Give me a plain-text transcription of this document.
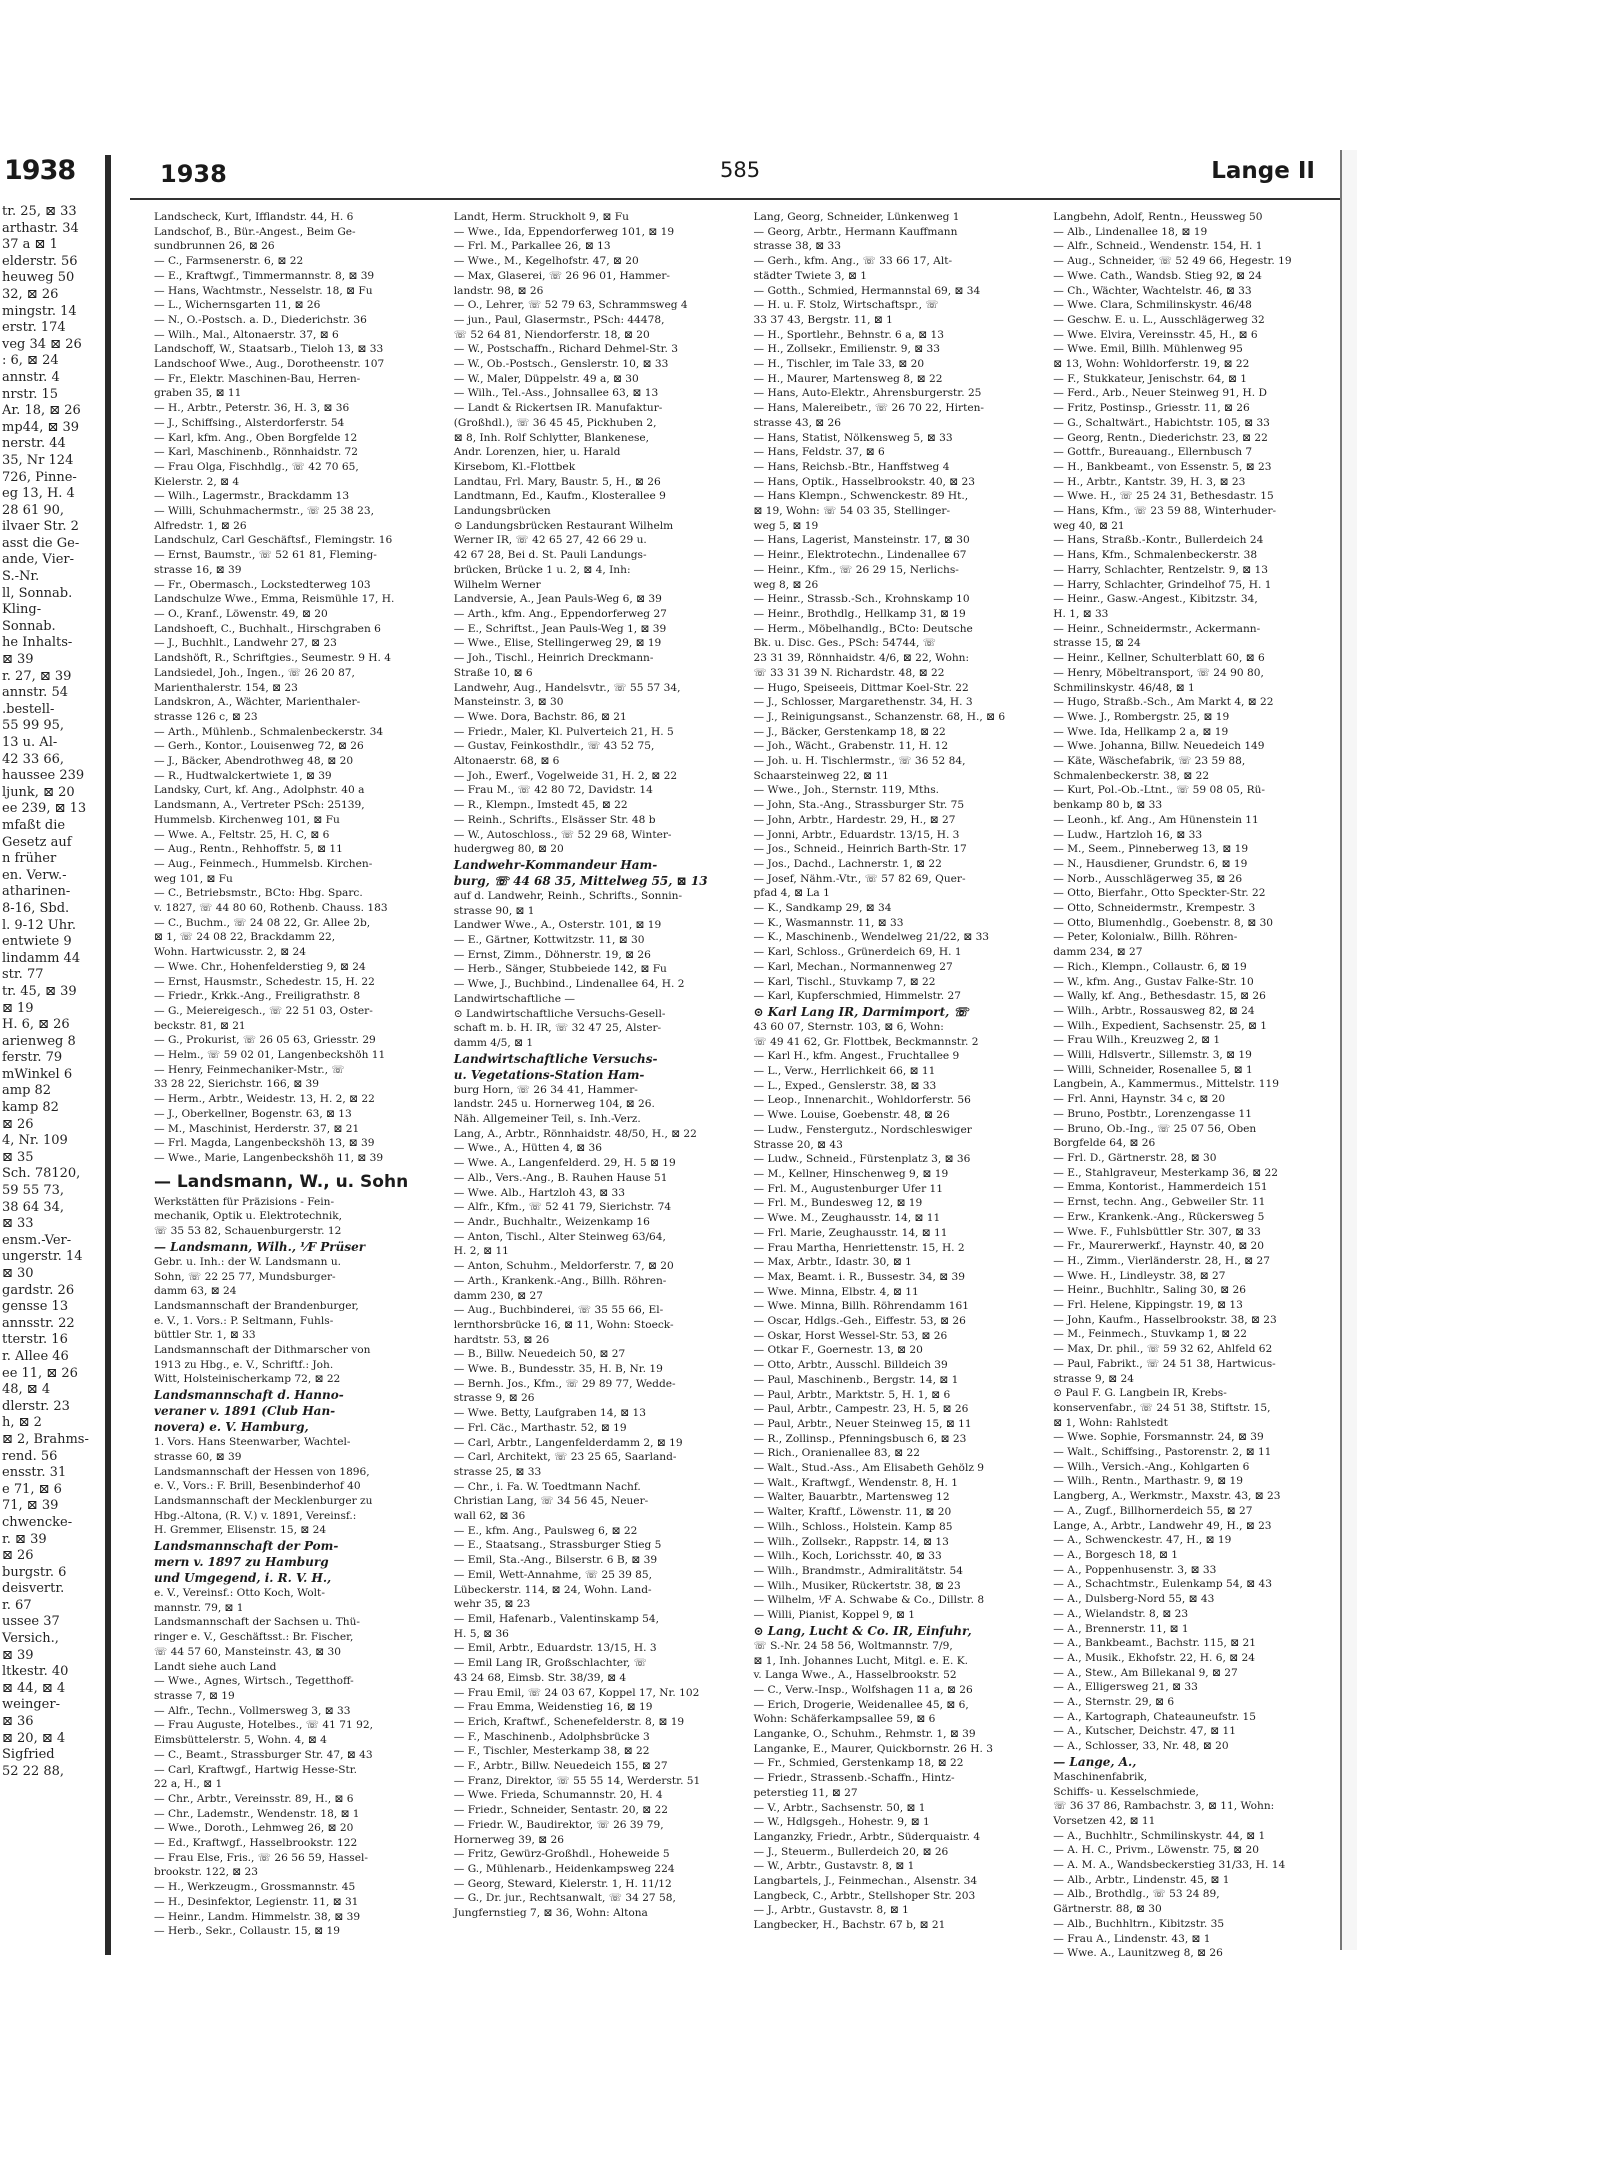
1938
tr. 25, ⊠ 33
arthastr. 34
37 a ⊠ 1
elderstr. 56
heuweg 50
32, ⊠ 26
mingstr. 14
erstr. 174
veg 34 ⊠ 26
: 6, ⊠ 24
annstr. 4
nrstr. 15
Ar. 18, ⊠ 26
mp44, ⊠ 39
nerstr. 44
35, Nr 124
726, Pinne-
eg 13, H. 4
28 61 90,
ilvaer Str. 2
asst die Ge-
ande, Vier-
S.-Nr.
ll, Sonnab.
Kling-
Sonnab.
he Inhalts-
⊠ 39
r. 27, ⊠ 39
annstr. 54
.bestell-
55 99 95,
13 u. Al-
42 33 66,
haussee 239
ljunk, ⊠ 20
ee 239, ⊠ 13
mfaßt die
Gesetz auf
n früher
en. Verw.-
atharinen-
8-16, Sbd.
l. 9-12 Uhr.
entwiete 9
lindamm 44
str. 77
tr. 45, ⊠ 39
⊠ 19
H. 6, ⊠ 26
arienweg 8
ferstr. 79
mWinkel 6
amp 82
kamp 82
⊠ 26
4, Nr. 109
⊠ 35
Sch. 78120,
59 55 73,
38 64 34,
⊠ 33
ensm.-Ver-
ungerstr. 14
⊠ 30
gardstr. 26
gensse 13
annsstr. 22
tterstr. 16
r. Allee 46
ee 11, ⊠ 26
48, ⊠ 4
dlerstr. 23
h, ⊠ 2
⊠ 2, Brahms-
rend. 56
ensstr. 31
e 71, ⊠ 6
71, ⊠ 39
chwencke-
r. ⊠ 39
⊠ 26
burgstr. 6
deisvertr.
r. 67
ussee 37
Versich.,
⊠ 39
ltkestr. 40
⊠ 44, ⊠ 4
weinger-
⊠ 36
⊠ 20, ⊠ 4
Sigfried
52 22 88,
1938	585	Lange II
Landscheck, Kurt, Ifflandstr. 44, H. 6
Landschof, B., Bür.-Angest., Beim Ge-
sundbrunnen 26, ⊠ 26
— C., Farmsenerstr. 6, ⊠ 22
— E., Kraftwgf., Timmermannstr. 8, ⊠ 39
— Hans, Wachtmstr., Nesselstr. 18, ⊠ Fu
— L., Wichernsgarten 11, ⊠ 26
— N., O.-Postsch. a. D., Diederichstr. 36
— Wilh., Mal., Altonaerstr. 37, ⊠ 6
Landschoff, W., Staatsarb., Tieloh 13, ⊠ 33
Landschoof Wwe., Aug., Dorotheenstr. 107
— Fr., Elektr. Maschinen-Bau, Herren-
graben 35, ⊠ 11
— H., Arbtr., Peterstr. 36, H. 3, ⊠ 36
— J., Schiffsing., Alsterdorferstr. 54
— Karl, kfm. Ang., Oben Borgfelde 12
— Karl, Maschinenb., Rönnhaidstr. 72
— Frau Olga, Fischhdlg., ☏ 42 70 65,
Kielerstr. 2, ⊠ 4
— Wilh., Lagermstr., Brackdamm 13
— Willi, Schuhmachermstr., ☏ 25 38 23,
Alfredstr. 1, ⊠ 26
Landschulz, Carl Geschäftsf., Flemingstr. 16
— Ernst, Baumstr., ☏ 52 61 81, Fleming-
strasse 16, ⊠ 39
— Fr., Obermasch., Lockstedterweg 103
Landschulze Wwe., Emma, Reismühle 17, H.
— O., Kranf., Löwenstr. 49, ⊠ 20
Landshoeft, C., Buchhalt., Hirschgraben 6
— J., Buchhlt., Landwehr 27, ⊠ 23
Landshöft, R., Schriftgies., Seumestr. 9 H. 4
Landsiedel, Joh., Ingen., ☏ 26 20 87,
Marienthalerstr. 154, ⊠ 23
Landskron, A., Wächter, Marienthaler-
strasse 126 c, ⊠ 23
— Arth., Mühlenb., Schmalenbeckerstr. 34
— Gerh., Kontor., Louisenweg 72, ⊠ 26
— J., Bäcker, Abendrothweg 48, ⊠ 20
— R., Hudtwalckertwiete 1, ⊠ 39
Landsky, Curt, kf. Ang., Adolphstr. 40 a
Landsmann, A., Vertreter PSch: 25139,
Hummelsb. Kirchenweg 101, ⊠ Fu
— Wwe. A., Feltstr. 25, H. C, ⊠ 6
— Aug., Rentn., Rehhoffstr. 5, ⊠ 11
— Aug., Feinmech., Hummelsb. Kirchen-
weg 101, ⊠ Fu
— C., Betriebsmstr., BCto: Hbg. Sparc.
v. 1827, ☏ 44 80 60, Rothenb. Chauss. 183
— C., Buchm., ☏ 24 08 22, Gr. Allee 2b,
⊠ 1, ☏ 24 08 22, Brackdamm 22,
Wohn. Hartwicusstr. 2, ⊠ 24
— Wwe. Chr., Hohenfelderstieg 9, ⊠ 24
— Ernst, Hausmstr., Schedestr. 15, H. 22
— Friedr., Krkk.-Ang., Freiligrathstr. 8
— G., Meiereigesch., ☏ 22 51 03, Oster-
beckstr. 81, ⊠ 21
— G., Prokurist, ☏ 26 05 63, Griesstr. 29
— Helm., ☏ 59 02 01, Langenbeckshöh 11
— Henry, Feinmechaniker-Mstr., ☏
33 28 22, Sierichstr. 166, ⊠ 39
— Herm., Arbtr., Weidestr. 13, H. 2, ⊠ 22
— J., Oberkellner, Bogenstr. 63, ⊠ 13
— M., Maschinist, Herderstr. 37, ⊠ 21
— Frl. Magda, Langenbeckshöh 13, ⊠ 39
— Wwe., Marie, Langenbeckshöh 11, ⊠ 39
— Landsmann, W., u. Sohn
Werkstätten für Präzisions - Fein-
mechanik, Optik u. Elektrotechnik,
☏ 35 53 82, Schauenburgerstr. 12
— Landsmann, Wilh., ⅟F Prüser
Gebr. u. Inh.: der W. Landsmann u.
Sohn, ☏ 22 25 77, Mundsburger-
damm 63, ⊠ 24
Landsmannschaft der Brandenburger,
e. V., 1. Vors.: P. Seltmann, Fuhls-
büttler Str. 1, ⊠ 33
Landsmannschaft der Dithmarscher von
1913 zu Hbg., e. V., Schriftf.: Joh.
Witt, Holsteinischerkamp 72, ⊠ 22
Landsmannschaft d. Hanno-
veraner v. 1891 (Club Han-
novera) e. V. Hamburg,
1. Vors. Hans Steenwarber, Wachtel-
strasse 60, ⊠ 39
Landsmannschaft der Hessen von 1896,
e. V., Vors.: F. Brill, Besenbinderhof 40
Landsmannschaft der Mecklenburger zu
Hbg.-Altona, (R. V.) v. 1891, Vereinsf.:
H. Gremmer, Elisenstr. 15, ⊠ 24
Landsmannschaft der Pom-
mern v. 1897 zu Hamburg
und Umgegend, i. R. V. H.,
e. V., Vereinsf.: Otto Koch, Wolt-
mannstr. 79, ⊠ 1
Landsmannschaft der Sachsen u. Thü-
ringer e. V., Geschäftsst.: Br. Fischer,
☏ 44 57 60, Mansteinstr. 43, ⊠ 30
Landt siehe auch Land
— Wwe., Agnes, Wirtsch., Tegetthoff-
strasse 7, ⊠ 19
— Alfr., Techn., Vollmersweg 3, ⊠ 33
— Frau Auguste, Hotelbes., ☏ 41 71 92,
Eimsbüttelerstr. 5, Wohn. 4, ⊠ 4
— C., Beamt., Strassburger Str. 47, ⊠ 43
— Carl, Kraftwgf., Hartwig Hesse-Str.
22 a, H., ⊠ 1
— Chr., Arbtr., Vereinsstr. 89, H., ⊠ 6
— Chr., Lademstr., Wendenstr. 18, ⊠ 1
— Wwe., Doroth., Lehmweg 26, ⊠ 20
— Ed., Kraftwgf., Hasselbrookstr. 122
— Frau Else, Fris., ☏ 26 56 59, Hassel-
brookstr. 122, ⊠ 23
— H., Werkzeugm., Grossmannstr. 45
— H., Desinfektor, Legienstr. 11, ⊠ 31
— Heinr., Landm. Himmelstr. 38, ⊠ 39
— Herb., Sekr., Collaustr. 15, ⊠ 19
Landt, Herm. Struckholt 9, ⊠ Fu
— Wwe., Ida, Eppendorferweg 101, ⊠ 19
— Frl. M., Parkallee 26, ⊠ 13
— Wwe., M., Kegelhofstr. 47, ⊠ 20
— Max, Glaserei, ☏ 26 96 01, Hammer-
landstr. 98, ⊠ 26
— O., Lehrer, ☏ 52 79 63, Schrammsweg 4
— jun., Paul, Glasermstr., PSch: 44478,
☏ 52 64 81, Niendorferstr. 18, ⊠ 20
— W., Postschaffn., Richard Dehmel-Str. 3
— W., Ob.-Postsch., Genslerstr. 10, ⊠ 33
— W., Maler, Düppelstr. 49 a, ⊠ 30
— Wilh., Tel.-Ass., Johnsallee 63, ⊠ 13
— Landt & Rickertsen IR. Manufaktur-
(Großhdl.), ☏ 36 45 45, Pickhuben 2,
⊠ 8, Inh. Rolf Schlytter, Blankenese,
Andr. Lorenzen, hier, u. Harald
Kirsebom, Kl.-Flottbek
Landtau, Frl. Mary, Baustr. 5, H., ⊠ 26
Landtmann, Ed., Kaufm., Klosterallee 9
Landungsbrücken
⊙ Landungsbrücken Restaurant Wilhelm
Werner IR, ☏ 42 65 27, 42 66 29 u.
42 67 28, Bei d. St. Pauli Landungs-
brücken, Brücke 1 u. 2, ⊠ 4, Inh:
Wilhelm Werner
Landversie, A., Jean Pauls-Weg 6, ⊠ 39
— Arth., kfm. Ang., Eppendorferweg 27
— E., Schriftst., Jean Pauls-Weg 1, ⊠ 39
— Wwe., Elise, Stellingerweg 29, ⊠ 19
— Joh., Tischl., Heinrich Dreckmann-
Straße 10, ⊠ 6
Landwehr, Aug., Handelsvtr., ☏ 55 57 34,
Mansteinstr. 3, ⊠ 30
— Wwe. Dora, Bachstr. 86, ⊠ 21
— Friedr., Maler, Kl. Pulverteich 21, H. 5
— Gustav, Feinkosthdlr., ☏ 43 52 75,
Altonaerstr. 68, ⊠ 6
— Joh., Ewerf., Vogelweide 31, H. 2, ⊠ 22
— Frau M., ☏ 42 80 72, Davidstr. 14
— R., Klempn., Imstedt 45, ⊠ 22
— Reinh., Schrifts., Elsässer Str. 48 b
— W., Autoschloss., ☏ 52 29 68, Winter-
hudergweg 80, ⊠ 20
Landwehr-Kommandeur Ham-
burg, ☏ 44 68 35, Mittelweg 55, ⊠ 13
auf d. Landwehr, Reinh., Schrifts., Sonnin-
strasse 90, ⊠ 1
Landwer Wwe., A., Osterstr. 101, ⊠ 19
— E., Gärtner, Kottwitzstr. 11, ⊠ 30
— Ernst, Zimm., Döhnerstr. 19, ⊠ 26
— Herb., Sänger, Stubbeiede 142, ⊠ Fu
— Wwe, J., Buchbind., Lindenallee 64, H. 2
Landwirtschaftliche —
⊙ Landwirtschaftliche Versuchs-Gesell-
schaft m. b. H. IR, ☏ 32 47 25, Alster-
damm 4/5, ⊠ 1
Landwirtschaftliche Versuchs-
u. Vegetations-Station Ham-
burg Horn, ☏ 26 34 41, Hammer-
landstr. 245 u. Hornerweg 104, ⊠ 26.
Näh. Allgemeiner Teil, s. Inh.-Verz.
Lang, A., Arbtr., Rönnhaidstr. 48/50, H., ⊠ 22
— Wwe., A., Hütten 4, ⊠ 36
— Wwe. A., Langenfelderd. 29, H. 5 ⊠ 19
— Alb., Vers.-Ang., B. Rauhen Hause 51
— Wwe. Alb., Hartzloh 43, ⊠ 33
— Alfr., Kfm., ☏ 52 41 79, Sierichstr. 74
— Andr., Buchhaltr., Weizenkamp 16
— Anton, Tischl., Alter Steinweg 63/64,
H. 2, ⊠ 11
— Anton, Schuhm., Meldorferstr. 7, ⊠ 20
— Arth., Krankenk.-Ang., Billh. Röhren-
damm 230, ⊠ 27
— Aug., Buchbinderei, ☏ 35 55 66, El-
lernthorsbrücke 16, ⊠ 11, Wohn: Stoeck-
hardtstr. 53, ⊠ 26
— B., Billw. Neuedeich 50, ⊠ 27
— Wwe. B., Bundesstr. 35, H. B, Nr. 19
— Bernh. Jos., Kfm., ☏ 29 89 77, Wedde-
strasse 9, ⊠ 26
— Wwe. Betty, Laufgraben 14, ⊠ 13
— Frl. Cäc., Marthastr. 52, ⊠ 19
— Carl, Arbtr., Langenfelderdamm 2, ⊠ 19
— Carl, Architekt, ☏ 23 25 65, Saarland-
strasse 25, ⊠ 33
— Chr., i. Fa. W. Toedtmann Nachf.
Christian Lang, ☏ 34 56 45, Neuer-
wall 62, ⊠ 36
— E., kfm. Ang., Paulsweg 6, ⊠ 22
— E., Staatsang., Strassburger Stieg 5
— Emil, Sta.-Ang., Bilserstr. 6 B, ⊠ 39
— Emil, Wett-Annahme, ☏ 25 39 85,
Lübeckerstr. 114, ⊠ 24, Wohn. Land-
wehr 35, ⊠ 23
— Emil, Hafenarb., Valentinskamp 54,
H. 5, ⊠ 36
— Emil, Arbtr., Eduardstr. 13/15, H. 3
— Emil Lang IR, Großschlachter, ☏
43 24 68, Eimsb. Str. 38/39, ⊠ 4
— Frau Emil, ☏ 24 03 67, Koppel 17, Nr. 102
— Frau Emma, Weidenstieg 16, ⊠ 19
— Erich, Kraftwf., Schenefelderstr. 8, ⊠ 19
— F., Maschinenb., Adolphsbrücke 3
— F., Tischler, Mesterkamp 38, ⊠ 22
— F., Arbtr., Billw. Neuedeich 155, ⊠ 27
— Franz, Direktor, ☏ 55 55 14, Werderstr. 51
— Wwe. Frieda, Schumannstr. 20, H. 4
— Friedr., Schneider, Sentastr. 20, ⊠ 22
— Friedr. W., Baudirektor, ☏ 26 39 79,
Hornerweg 39, ⊠ 26
— Fritz, Gewürz-Großhdl., Hoheweide 5
— G., Mühlenarb., Heidenkampsweg 224
— Georg, Steward, Kielerstr. 1, H. 11/12
— G., Dr. jur., Rechtsanwalt, ☏ 34 27 58,
Jungfernstieg 7, ⊠ 36, Wohn: Altona
Lang, Georg, Schneider, Lünkenweg 1
— Georg, Arbtr., Hermann Kauffmann
strasse 38, ⊠ 33
— Gerh., kfm. Ang., ☏ 33 66 17, Alt-
städter Twiete 3, ⊠ 1
— Gotth., Schmied, Hermannstal 69, ⊠ 34
— H. u. F. Stolz, Wirtschaftspr., ☏
33 37 43, Bergstr. 11, ⊠ 1
— H., Sportlehr., Behnstr. 6 a, ⊠ 13
— H., Zollsekr., Emilienstr. 9, ⊠ 33
— H., Tischler, im Tale 33, ⊠ 20
— H., Maurer, Martensweg 8, ⊠ 22
— Hans, Auto-Elektr., Ahrensburgerstr. 25
— Hans, Malereibetr., ☏ 26 70 22, Hirten-
strasse 43, ⊠ 26
— Hans, Statist, Nölkensweg 5, ⊠ 33
— Hans, Feldstr. 37, ⊠ 6
— Hans, Reichsb.-Btr., Hanffstweg 4
— Hans, Optik., Hasselbrookstr. 40, ⊠ 23
— Hans Klempn., Schwenckestr. 89 Ht.,
⊠ 19, Wohn: ☏ 54 03 35, Stellinger-
weg 5, ⊠ 19
— Hans, Lagerist, Mansteinstr. 17, ⊠ 30
— Heinr., Elektrotechn., Lindenallee 67
— Heinr., Kfm., ☏ 26 29 15, Nerlichs-
weg 8, ⊠ 26
— Heinr., Strassb.-Sch., Krohnskamp 10
— Heinr., Brothdlg., Hellkamp 31, ⊠ 19
— Herm., Möbelhandlg., BCto: Deutsche
Bk. u. Disc. Ges., PSch: 54744, ☏
23 31 39, Rönnhaidstr. 4/6, ⊠ 22, Wohn:
☏ 33 31 39 N. Richardstr. 48, ⊠ 22
— Hugo, Speiseeis, Dittmar Koel-Str. 22
— J., Schlosser, Margarethenstr. 34, H. 3
— J., Reinigungsanst., Schanzenstr. 68, H., ⊠ 6
— J., Bäcker, Gerstenkamp 18, ⊠ 22
— Joh., Wächt., Grabenstr. 11, H. 12
— Joh. u. H. Tischlermstr., ☏ 36 52 84,
Schaarsteinweg 22, ⊠ 11
— Wwe., Joh., Sternstr. 119, Mths.
— John, Sta.-Ang., Strassburger Str. 75
— John, Arbtr., Hardestr. 29, H., ⊠ 27
— Jonni, Arbtr., Eduardstr. 13/15, H. 3
— Jos., Schneid., Heinrich Barth-Str. 17
— Jos., Dachd., Lachnerstr. 1, ⊠ 22
— Josef, Nähm.-Vtr., ☏ 57 82 69, Quer-
pfad 4, ⊠ La 1
— K., Sandkamp 29, ⊠ 34
— K., Wasmannstr. 11, ⊠ 33
— K., Maschinenb., Wendelweg 21/22, ⊠ 33
— Karl, Schloss., Grünerdeich 69, H. 1
— Karl, Mechan., Normannenweg 27
— Karl, Tischl., Stuvkamp 7, ⊠ 22
— Karl, Kupferschmied, Himmelstr. 27
⊙ Karl Lang IR, Darmimport, ☏
43 60 07, Sternstr. 103, ⊠ 6, Wohn:
☏ 49 41 62, Gr. Flottbek, Beckmannstr. 2
— Karl H., kfm. Angest., Fruchtallee 9
— L., Verw., Herrlichkeit 66, ⊠ 11
— L., Exped., Genslerstr. 38, ⊠ 33
— Leop., Innenarchit., Wohldorferstr. 56
— Wwe. Louise, Goebenstr. 48, ⊠ 26
— Ludw., Fenstergutz., Nordschleswiger
Strasse 20, ⊠ 43
— Ludw., Schneid., Fürstenplatz 3, ⊠ 36
— M., Kellner, Hinschenweg 9, ⊠ 19
— Frl. M., Augustenburger Ufer 11
— Frl. M., Bundesweg 12, ⊠ 19
— Wwe. M., Zeughausstr. 14, ⊠ 11
— Frl. Marie, Zeughausstr. 14, ⊠ 11
— Frau Martha, Henriettenstr. 15, H. 2
— Max, Arbtr., Idastr. 30, ⊠ 1
— Max, Beamt. i. R., Bussestr. 34, ⊠ 39
— Wwe. Minna, Elbstr. 4, ⊠ 11
— Wwe. Minna, Billh. Röhrendamm 161
— Oscar, Hdlgs.-Geh., Eiffestr. 53, ⊠ 26
— Oskar, Horst Wessel-Str. 53, ⊠ 26
— Otkar F., Goernestr. 13, ⊠ 20
— Otto, Arbtr., Ausschl. Billdeich 39
— Paul, Maschinenb., Bergstr. 14, ⊠ 1
— Paul, Arbtr., Marktstr. 5, H. 1, ⊠ 6
— Paul, Arbtr., Campestr. 23, H. 5, ⊠ 26
— Paul, Arbtr., Neuer Steinweg 15, ⊠ 11
— R., Zollinsp., Pfenningsbusch 6, ⊠ 23
— Rich., Oranienallee 83, ⊠ 22
— Walt., Stud.-Ass., Am Elisabeth Gehölz 9
— Walt., Kraftwgf., Wendenstr. 8, H. 1
— Walter, Bauarbtr., Martensweg 12
— Walter, Kraftf., Löwenstr. 11, ⊠ 20
— Wilh., Schloss., Holstein. Kamp 85
— Wilh., Zollsekr., Rappstr. 14, ⊠ 13
— Wilh., Koch, Lorichsstr. 40, ⊠ 33
— Wilh., Brandmstr., Admiralitätstr. 54
— Wilh., Musiker, Rückertstr. 38, ⊠ 23
— Wilhelm, ⅟F A. Schwabe & Co., Dillstr. 8
— Willi, Pianist, Koppel 9, ⊠ 1
⊙ Lang, Lucht & Co. IR, Einfuhr,
☏ S.-Nr. 24 58 56, Woltmannstr. 7/9,
⊠ 1, Inh. Johannes Lucht, Mitgl. e. E. K.
v. Langa Wwe., A., Hasselbrookstr. 52
— C., Verw.-Insp., Wolfshagen 11 a, ⊠ 26
— Erich, Drogerie, Weidenallee 45, ⊠ 6,
Wohn: Schäferkampsallee 59, ⊠ 6
Langanke, O., Schuhm., Rehmstr. 1, ⊠ 39
Langanke, E., Maurer, Quickbornstr. 26 H. 3
— Fr., Schmied, Gerstenkamp 18, ⊠ 22
— Friedr., Strassenb.-Schaffn., Hintz-
peterstieg 11, ⊠ 27
— V., Arbtr., Sachsenstr. 50, ⊠ 1
— W., Hdlgsgeh., Hohestr. 9, ⊠ 1
Langanzky, Friedr., Arbtr., Süderquaistr. 4
— J., Steuerm., Bullerdeich 20, ⊠ 26
— W., Arbtr., Gustavstr. 8, ⊠ 1
Langbartels, J., Feinmechan., Alsenstr. 34
Langbeck, C., Arbtr., Stellshoper Str. 203
— J., Arbtr., Gustavstr. 8, ⊠ 1
Langbecker, H., Bachstr. 67 b, ⊠ 21
Langbehn, Adolf, Rentn., Heussweg 50
— Alb., Lindenallee 18, ⊠ 19
— Alfr., Schneid., Wendenstr. 154, H. 1
— Aug., Schneider, ☏ 52 49 66, Hegestr. 19
— Wwe. Cath., Wandsb. Stieg 92, ⊠ 24
— Ch., Wächter, Wachtelstr. 46, ⊠ 33
— Wwe. Clara, Schmilinskystr. 46/48
— Geschw. E. u. L., Ausschlägerweg 32
— Wwe. Elvira, Vereinsstr. 45, H., ⊠ 6
— Wwe. Emil, Billh. Mühlenweg 95
⊠ 13, Wohn: Wohldorferstr. 19, ⊠ 22
— F., Stukkateur, Jenischstr. 64, ⊠ 1
— Ferd., Arb., Neuer Steinweg 91, H. D
— Fritz, Postinsp., Griesstr. 11, ⊠ 26
— G., Schaltwärt., Habichtstr. 105, ⊠ 33
— Georg, Rentn., Diederichstr. 23, ⊠ 22
— Gottfr., Bureauang., Ellernbusch 7
— H., Bankbeamt., von Essenstr. 5, ⊠ 23
— H., Arbtr., Kantstr. 39, H. 3, ⊠ 23
— Wwe. H., ☏ 25 24 31, Bethesdastr. 15
— Hans, Kfm., ☏ 23 59 88, Winterhuder-
weg 40, ⊠ 21
— Hans, Straßb.-Kontr., Bullerdeich 24
— Hans, Kfm., Schmalenbeckerstr. 38
— Harry, Schlachter, Rentzelstr. 9, ⊠ 13
— Harry, Schlachter, Grindelhof 75, H. 1
— Heinr., Gasw.-Angest., Kibitzstr. 34,
H. 1, ⊠ 33
— Heinr., Schneidermstr., Ackermann-
strasse 15, ⊠ 24
— Heinr., Kellner, Schulterblatt 60, ⊠ 6
— Henry, Möbeltransport, ☏ 24 90 80,
Schmilinskystr. 46/48, ⊠ 1
— Hugo, Straßb.-Sch., Am Markt 4, ⊠ 22
— Wwe. J., Rombergstr. 25, ⊠ 19
— Wwe. Ida, Hellkamp 2 a, ⊠ 19
— Wwe. Johanna, Billw. Neuedeich 149
— Käte, Wäschefabrik, ☏ 23 59 88,
Schmalenbeckerstr. 38, ⊠ 22
— Kurt, Pol.-Ob.-Ltnt., ☏ 59 08 05, Rü-
benkamp 80 b, ⊠ 33
— Leonh., kf. Ang., Am Hünenstein 11
— Ludw., Hartzloh 16, ⊠ 33
— M., Seem., Pinneberweg 13, ⊠ 19
— N., Hausdiener, Grundstr. 6, ⊠ 19
— Norb., Ausschlägerweg 35, ⊠ 26
— Otto, Bierfahr., Otto Speckter-Str. 22
— Otto, Schneidermstr., Krempestr. 3
— Otto, Blumenhdlg., Goebenstr. 8, ⊠ 30
— Peter, Kolonialw., Billh. Röhren-
damm 234, ⊠ 27
— Rich., Klempn., Collaustr. 6, ⊠ 19
— W., kfm. Ang., Gustav Falke-Str. 10
— Wally, kf. Ang., Bethesdastr. 15, ⊠ 26
— Wilh., Arbtr., Rossausweg 82, ⊠ 24
— Wilh., Expedient, Sachsenstr. 25, ⊠ 1
— Frau Wilh., Kreuzweg 2, ⊠ 1
— Willi, Hdlsvertr., Sillemstr. 3, ⊠ 19
— Willi, Schneider, Rosenallee 5, ⊠ 1
Langbein, A., Kammermus., Mittelstr. 119
— Frl. Anni, Haynstr. 34 c, ⊠ 20
— Bruno, Postbtr., Lorenzengasse 11
— Bruno, Ob.-Ing., ☏ 25 07 56, Oben
Borgfelde 64, ⊠ 26
— Frl. D., Gärtnerstr. 28, ⊠ 30
— E., Stahlgraveur, Mesterkamp 36, ⊠ 22
— Emma, Kontorist., Hammerdeich 151
— Ernst, techn. Ang., Gebweiler Str. 11
— Erw., Krankenk.-Ang., Rückersweg 5
— Wwe. F., Fuhlsbüttler Str. 307, ⊠ 33
— Fr., Maurerwerkf., Haynstr. 40, ⊠ 20
— H., Zimm., Vierländerstr. 28, H., ⊠ 27
— Wwe. H., Lindleystr. 38, ⊠ 27
— Heinr., Buchhltr., Saling 30, ⊠ 26
— Frl. Helene, Kippingstr. 19, ⊠ 13
— John, Kaufm., Hasselbrookstr. 38, ⊠ 23
— M., Feinmech., Stuvkamp 1, ⊠ 22
— Max, Dr. phil., ☏ 59 32 62, Ahlfeld 62
— Paul, Fabrikt., ☏ 24 51 38, Hartwicus-
strasse 9, ⊠ 24
⊙ Paul F. G. Langbein IR, Krebs-
konservenfabr., ☏ 24 51 38, Stiftstr. 15,
⊠ 1, Wohn: Rahlstedt
— Wwe. Sophie, Forsmannstr. 24, ⊠ 39
— Walt., Schiffsing., Pastorenstr. 2, ⊠ 11
— Wilh., Versich.-Ang., Kohlgarten 6
— Wilh., Rentn., Marthastr. 9, ⊠ 19
Langberg, A., Werkmstr., Maxstr. 43, ⊠ 23
— A., Zugf., Billhornerdeich 55, ⊠ 27
Lange, A., Arbtr., Landwehr 49, H., ⊠ 23
— A., Schwenckestr. 47, H., ⊠ 19
— A., Borgesch 18, ⊠ 1
— A., Poppenhusenstr. 3, ⊠ 33
— A., Schachtmstr., Eulenkamp 54, ⊠ 43
— A., Dulsberg-Nord 55, ⊠ 43
— A., Wielandstr. 8, ⊠ 23
— A., Brennerstr. 11, ⊠ 1
— A., Bankbeamt., Bachstr. 115, ⊠ 21
— A., Musik., Ekhofstr. 22, H. 6, ⊠ 24
— A., Stew., Am Billekanal 9, ⊠ 27
— A., Elligersweg 21, ⊠ 33
— A., Sternstr. 29, ⊠ 6
— A., Kartograph, Chateauneufstr. 15
— A., Kutscher, Deichstr. 47, ⊠ 11
— A., Schlosser, 33, Nr. 48, ⊠ 20
— Lange, A.,
Maschinenfabrik,
Schiffs- u. Kesselschmiede,
☏ 36 37 86, Rambachstr. 3, ⊠ 11, Wohn:
Vorsetzen 42, ⊠ 11
— A., Buchhltr., Schmilinskystr. 44, ⊠ 1
— A. H. C., Privm., Löwenstr. 75, ⊠ 20
— A. M. A., Wandsbeckerstieg 31/33, H. 14
— Alb., Arbtr., Lindenstr. 45, ⊠ 1
— Alb., Brothdlg., ☏ 53 24 89,
Gärtnerstr. 88, ⊠ 30
— Alb., Buchhltrn., Kibitzstr. 35
— Frau A., Lindenstr. 43, ⊠ 1
— Wwe. A., Launitzweg 8, ⊠ 26
